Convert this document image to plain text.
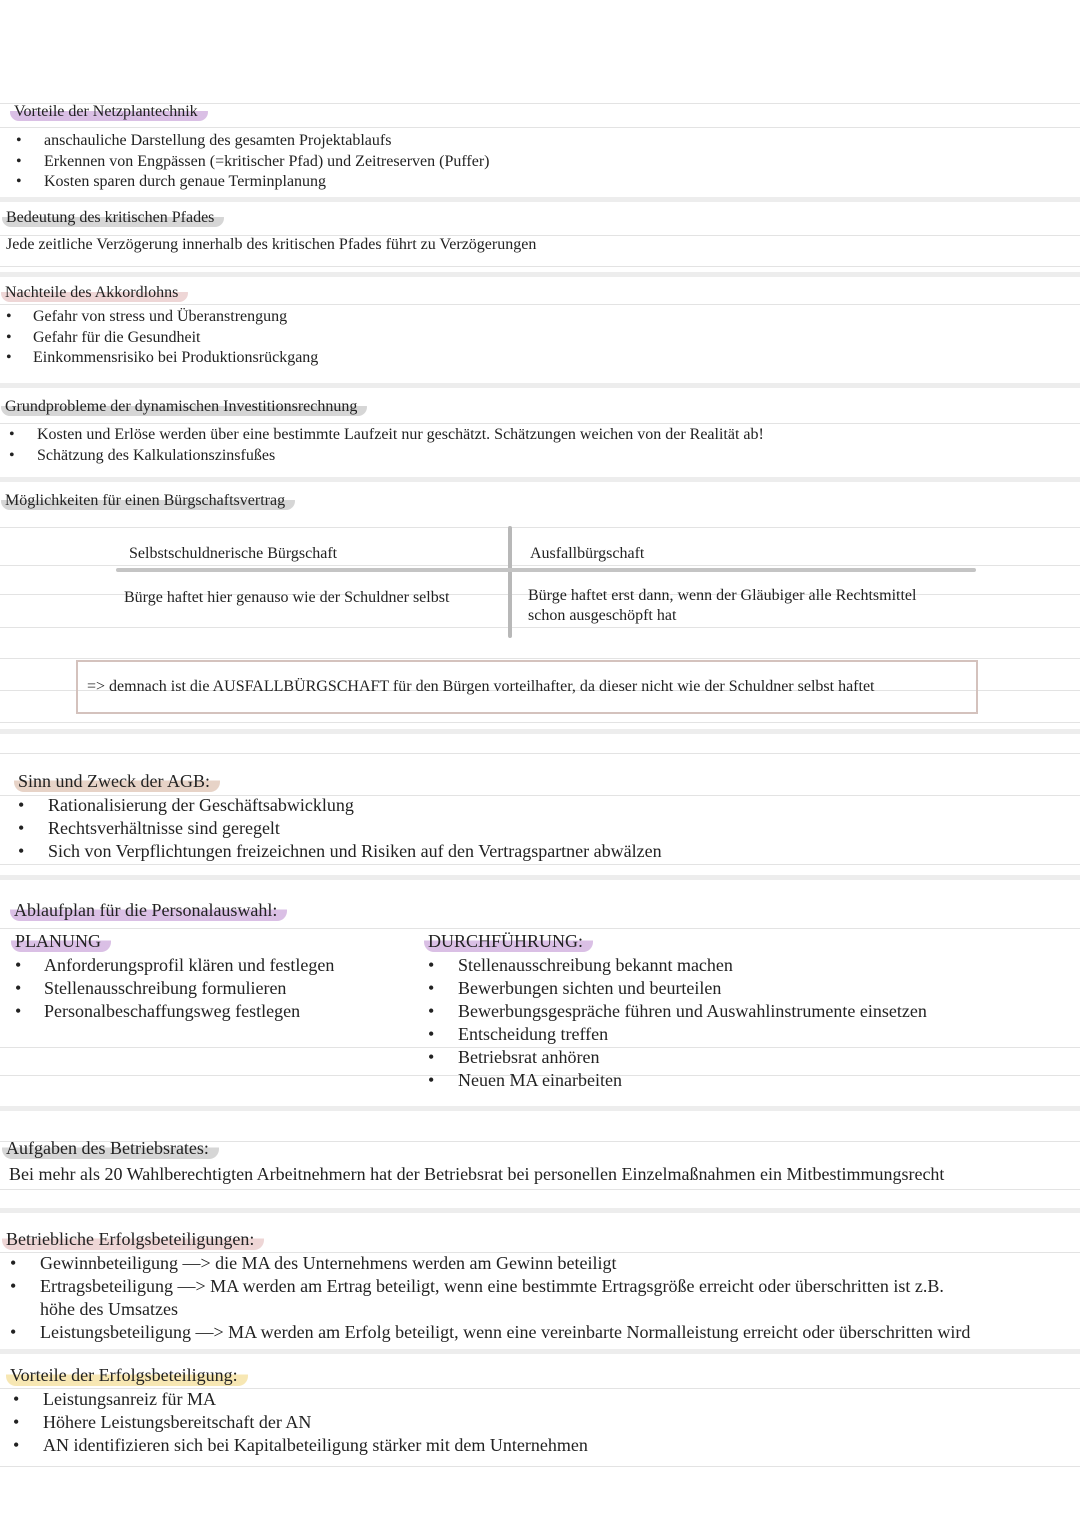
Vorteile der Netzplantechnik
• anschauliche Darstellung des gesamten Projektablaufs
• Erkennen von Engpässen (=kritischer Pfad) und Zeitreserven (Puffer)
• Kosten sparen durch genaue Terminplanung
Bedeutung des kritischen Pfades
Jede zeitliche Verzögerung innerhalb des kritischen Pfades führt zu Verzögerungen
Nachteile des Akkordlohns
• Gefahr von stress und Überanstrengung
• Gefahr für die Gesundheit
• Einkommensrisiko bei Produktionsrückgang
Grundprobleme der dynamischen Investitionsrechnung
• Kosten und Erlöse werden über eine bestimmte Laufzeit nur geschätzt. Schätzungen weichen von der Realität ab!
• Schätzung des Kalkulationszinsfußes
Möglichkeiten für einen Bürgschaftsvertrag
Selbstschuldnerische Bürgschaft	Ausfallbürgschaft
Bürge haftet hier genauso wie der Schuldner selbst	Bürge haftet erst dann, wenn der Gläubiger alle Rechtsmittel
schon ausgeschöpft hat
=> demnach ist die AUSFALLBÜRGSCHAFT für den Bürgen vorteilhafter, da dieser nicht wie der Schuldner selbst haftet
Sinn und Zweck der AGB:
• Rationalisierung der Geschäftsabwicklung
• Rechtsverhältnisse sind geregelt
• Sich von Verpflichtungen freizeichnen und Risiken auf den Vertragspartner abwälzen
Ablaufplan für die Personalauswahl:
PLANUNG
• Anforderungsprofil klären und festlegen
• Stellenausschreibung formulieren
• Personalbeschaffungsweg festlegen
DURCHFÜHRUNG:
• Stellenausschreibung bekannt machen
• Bewerbungen sichten und beurteilen
• Bewerbungsgespräche führen und Auswahlinstrumente einsetzen
• Entscheidung treffen
• Betriebsrat anhören
• Neuen MA einarbeiten
Aufgaben des Betriebsrates:
Bei mehr als 20 Wahlberechtigten Arbeitnehmern hat der Betriebsrat bei personellen Einzelmaßnahmen ein Mitbestimmungsrecht
Betriebliche Erfolgsbeteiligungen:
• Gewinnbeteiligung —> die MA des Unternehmens werden am Gewinn beteiligt
• Ertragsbeteiligung —> MA werden am Ertrag beteiligt, wenn eine bestimmte Ertragsgröße erreicht oder überschritten ist z.B.
höhe des Umsatzes
• Leistungsbeteiligung —> MA werden am Erfolg beteiligt, wenn eine vereinbarte Normalleistung erreicht oder überschritten wird
Vorteile der Erfolgsbeteiligung:
• Leistungsanreiz für MA
• Höhere Leistungsbereitschaft der AN
• AN identifizieren sich bei Kapitalbeteiligung stärker mit dem Unternehmen
